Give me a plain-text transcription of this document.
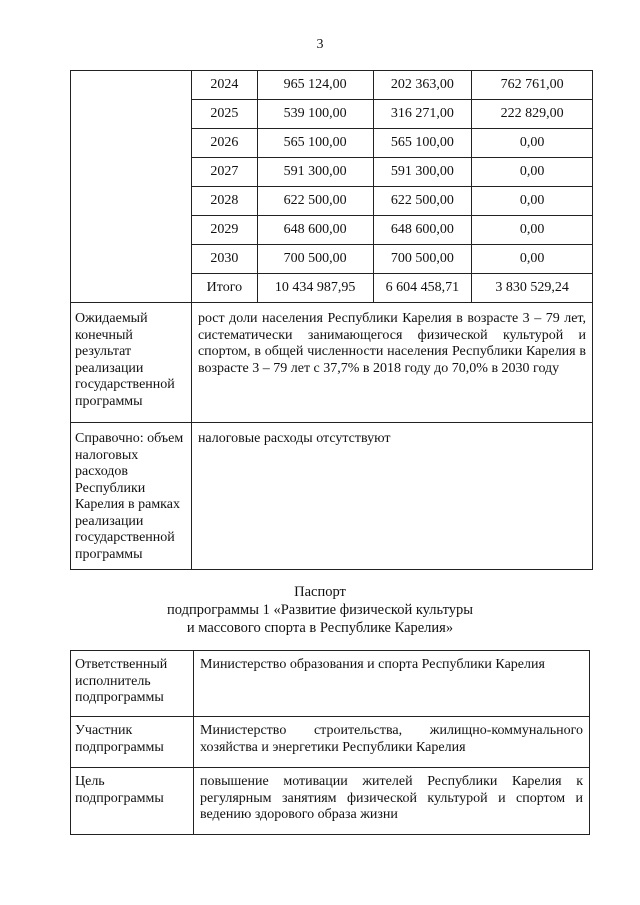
3
	2024	965 124,00	202 363,00	762 761,00
	2025	539 100,00	316 271,00	222 829,00
	2026	565 100,00	565 100,00	0,00
	2027	591 300,00	591 300,00	0,00
	2028	622 500,00	622 500,00	0,00
	2029	648 600,00	648 600,00	0,00
	2030	700 500,00	700 500,00	0,00
	Итого	10 434 987,95	6 604 458,71	3 830 529,24
Ожидаемый конечный результат реализации государственной программы	рост доли населения Республики Карелия в возрасте 3 – 79 лет, систематически занимающегося физической культурой и спортом, в общей численности населения Республики Карелия в возрасте 3 – 79 лет с 37,7% в 2018 году до 70,0% в 2030 году			
Справочно: объем налоговых расходов Республики Карелия в рамках реализации государственной программы	налоговые расходы отсутствуют			
Паспорт
подпрограммы 1 «Развитие физической культуры
и массового спорта в Республике Карелия»
Ответственный исполнитель подпрограммы	Министерство образования и спорта Республики Карелия
Участник подпрограммы	Министерство строительства, жилищно-коммунального хозяйства и энергетики Республики Карелия
Цель подпрограммы	повышение мотивации жителей Республики Карелия к регулярным занятиям физической культурой и спортом и ведению здорового образа жизни
